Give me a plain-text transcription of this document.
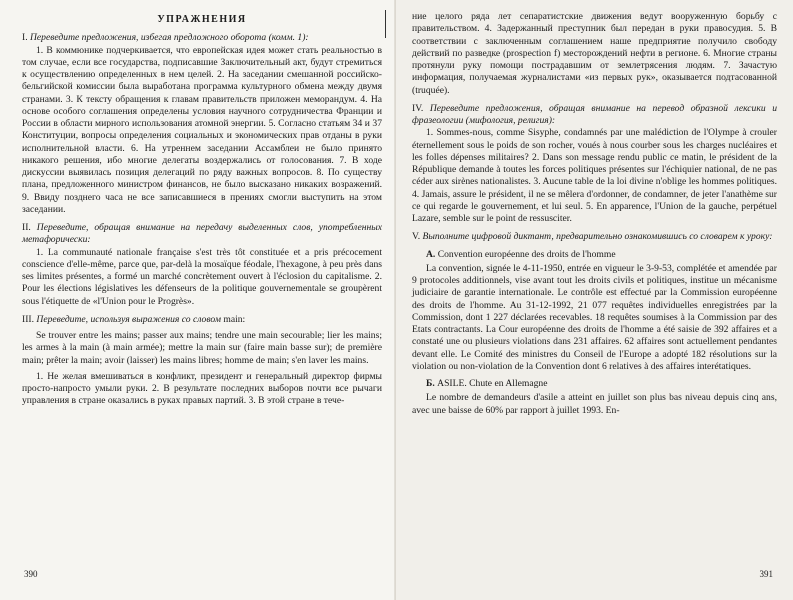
УПРАЖНЕНИЯ

I. Переведите предложения, избегая предложного оборота (комм. 1):

1. В коммюнике подчеркивается, что европейская идея может стать реальностью в том случае, если все государства, подписавшие Заключительный акт, будут стремиться к осуществлению определенных в нем целей. 2. На заседании смешанной российско-бельгийской комиссии была выработана программа культурного обмена между двумя странами. 3. К тексту обращения к главам правительств приложен меморандум. 4. На основе особого соглашения определены условия научного сотрудничества Франции и России в области мирного использования атомной энергии. 5. Согласно статьям 34 и 37 Конституции, вопросы определения социальных и экономических прав отданы в руки исполнительной власти. 6. На утреннем заседании Ассамблеи не было принято никакого решения, ибо многие делегаты воздержались от голосования. 7. В ходе дискуссии выявилась позиция делегаций по ряду важных вопросов. 8. По существу плана, предложенного министром финансов, не было высказано никаких возражений. 9. Ввиду позднего часа не все записавшиеся в прениях смогли выступить на этом заседании.

II. Переведите, обращая внимание на передачу выделенных слов, употребленных метафорически:

1. La communauté nationale française s'est très tôt constituée et a pris précocement conscience d'elle-même, parce que, par-delà la mosaïque féodale, l'hexagone, à peu près dans ses limites présentes, a formé un marché concrètement ouvert à l'éclosion du capitalisme. 2. Pour les élections législatives les défenseurs de la politique gouvernementale se groupèrent sous l'étiquette de «l'Union pour le Progrès».

III. Переведите, используя выражения со словом main:

Se trouver entre les mains; passer aux mains; tendre une main secourable; lier les mains; les armes à la main (à main armée); mettre la main sur (faire main basse sur); de première main; prêter la main; avoir (laisser) les mains libres; homme de main; s'en laver les mains.

1. Не желая вмешиваться в конфликт, президент и генеральный директор фирмы просто-напросто умыли руки. 2. В результате последних выборов почти все рычаги управления в стране оказались в руках правых партий. 3. В этой стране в тече-

390

ние целого ряда лет сепаратистские движения ведут вооруженную борьбу с правительством. 4. Задержанный преступник был передан в руки правосудия. 5. В соответствии с заключенным соглашением наше предприятие получило свободу действий по разведке (prospection f) месторождений нефти в регионе. 6. Многие страны протянули руку помощи пострадавшим от землетрясения людям. 7. Зачастую информация, получаемая журналистами «из первых рук», оказывается подтасованной (truquée).

IV. Переведите предложения, обращая внимание на перевод образной лексики и фразеологии (мифология, религия):

1. Sommes-nous, comme Sisyphe, condamnés par une malédiction de l'Olympe à crouler éternellement sous le poids de son rocher, voués à nous courber sous les charges nucléaires et les folles dépenses militaires? 2. Dans son message rendu public ce matin, le président de la République demande à toutes les forces politiques présentes sur l'échiquier national, de ne pas céder aux sirènes nationalistes. 3. Aucune table de la loi divine n'oblige les hommes politiques. 4. Jamais, assure le président, il ne se mêlera d'ordonner, de condamner, de jeter l'anathème sur ce qui regarde le gouvernement, et lui seul. 5. En apparence, l'Union de la gauche, perpétuel Lazare, semble sur le point de ressusciter.

V. Выполните цифровой диктант, предварительно ознакомившись со словарем к уроку:

А. Convention européenne des droits de l'homme

La convention, signée le 4-11-1950, entrée en vigueur le 3-9-53, complétée et amendée par 9 protocoles additionnels, vise avant tout les droits civils et politiques, institue un mécanisme judiciaire de garantie internationale. Le contrôle est effectué par la Commission européenne des droits de l'homme. Au 31-12-1992, 21 077 requêtes individuelles enregistrées par la Commission, dont 1 227 déclarées recevables. 18 requêtes soumises à la Commission par des Etats contractants. La Cour européenne des droits de l'homme a été saisie de 392 affaires et a constaté une ou plusieurs violations dans 231 affaires. 62 affaires sont actuellement pendantes devant elle. Le Comité des ministres du Conseil de l'Europe a adopté 182 résolutions sur la violation ou non-violation de la Convention dont 6 relatives à des affaires interétatiques.

Б. ASILE. Chute en Allemagne

Le nombre de demandeurs d'asile a atteint en juillet son plus bas niveau depuis cinq ans, avec une baisse de 60% par rapport à juillet 1993. En-

391
